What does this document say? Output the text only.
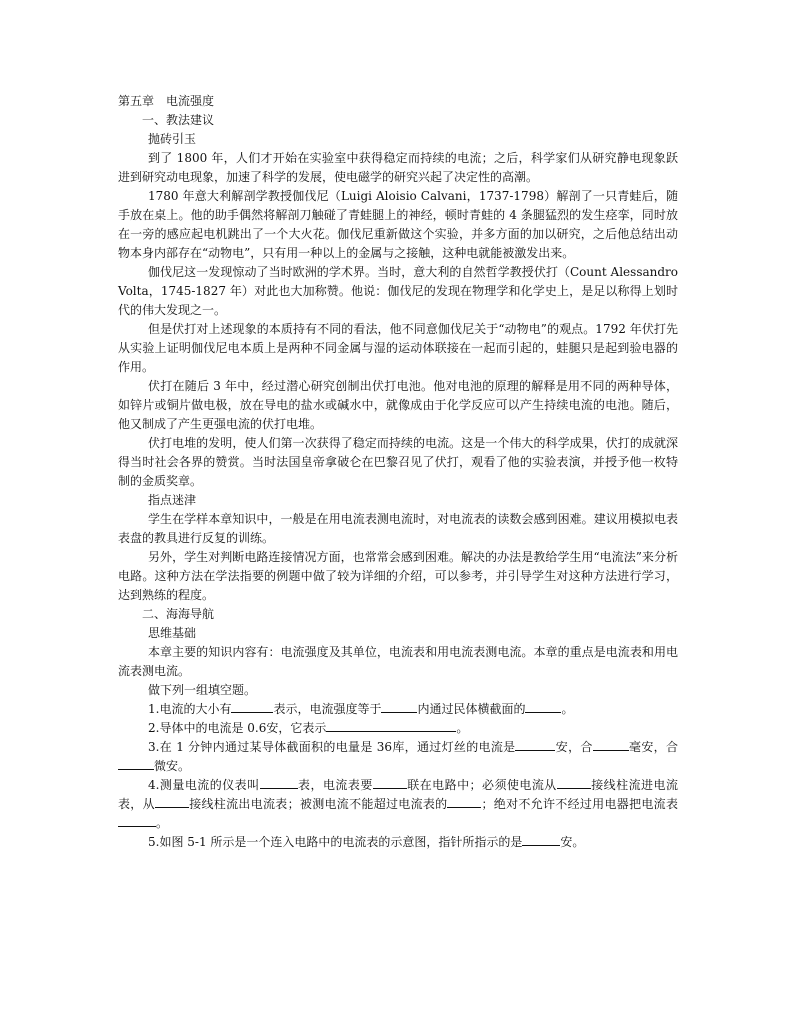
第五章　电流强度
一、教法建议
抛砖引玉
到了 1800 年，人们才开始在实验室中获得稳定而持续的电流；之后，科学家们从研究静电现象跃进到研究动电现象，加速了科学的发展，使电磁学的研究兴起了决定性的高潮。
1780 年意大利解剖学教授伽伐尼（Luigi Aloisio Calvani，1737-1798）解剖了一只青蛙后，随手放在桌上。他的助手偶然将解剖刀触碰了青蛙腿上的神经，顿时青蛙的 4 条腿猛烈的发生痉挛，同时放在一旁的感应起电机跳出了一个大火花。伽伐尼重新做这个实验，并多方面的加以研究，之后他总结出动物本身内部存在“动物电”，只有用一种以上的金属与之接触，这种电就能被激发出来。
伽伐尼这一发现惊动了当时欧洲的学术界。当时，意大利的自然哲学教授伏打（Count Alessandro Volta，1745-1827 年）对此也大加称赞。他说：伽伐尼的发现在物理学和化学史上，是足以称得上划时代的伟大发现之一。
但是伏打对上述现象的本质持有不同的看法，他不同意伽伐尼关于“动物电”的观点。1792 年伏打先从实验上证明伽伐尼电本质上是两种不同金属与湿的运动体联接在一起而引起的，蛙腿只是起到验电器的作用。
伏打在随后 3 年中，经过潜心研究创制出伏打电池。他对电池的原理的解释是用不同的两种导体，如锌片或铜片做电极，放在导电的盐水或碱水中，就像成由于化学反应可以产生持续电流的电池。随后，他又制成了产生更强电流的伏打电堆。
伏打电堆的发明，使人们第一次获得了稳定而持续的电流。这是一个伟大的科学成果，伏打的成就深得当时社会各界的赞赏。当时法国皇帝拿破仑在巴黎召见了伏打，观看了他的实验表演，并授予他一枚特制的金质奖章。
指点迷津
学生在学样本章知识中，一般是在用电流表测电流时，对电流表的读数会感到困难。建议用模拟电表表盘的教具进行反复的训练。
另外，学生对判断电路连接情况方面，也常常会感到困难。解决的办法是教给学生用“电流法”来分析电路。这种方法在学法指要的例题中做了较为详细的介绍，可以参考，并引导学生对这种方法进行学习，达到熟练的程度。
二、海海导航
思维基础
本章主要的知识内容有：电流强度及其单位，电流表和用电流表测电流。本章的重点是电流表和用电流表测电流。
做下列一组填空题。
1.电流的大小有	表示，电流强度等于	内通过民体横截面的	。
2.导体中的电流是 0.6安，它表示	。
3.在 1 分钟内通过某导体截面积的电量是 36库，通过灯丝的电流是	安，合	毫安，合微安。
4.测量电流的仪表叫	表，电流表要	联在电路中；必须使电流从	接线柱流进电流表，从	接线柱流出电流表；被测电流不能超过电流表的	；绝对不允许不经过用电器把电流表。
5.如图 5-1 所示是一个连入电路中的电流表的示意图，指针所指示的是	安。
